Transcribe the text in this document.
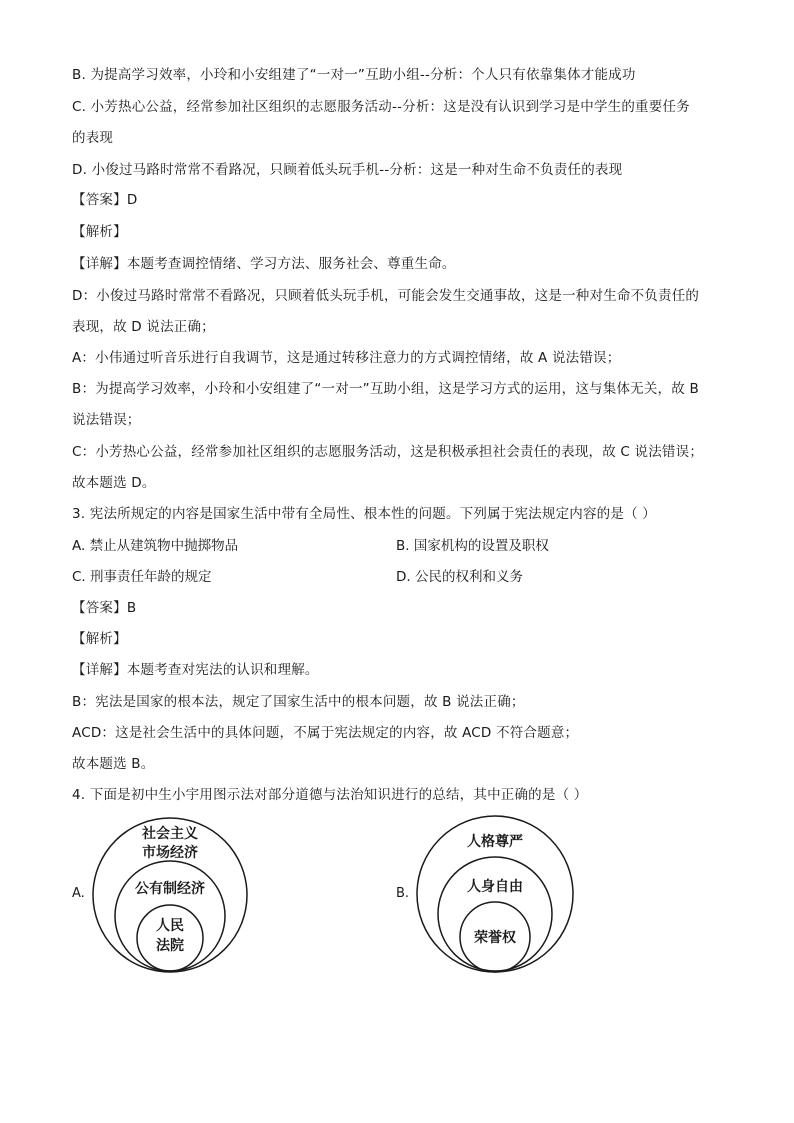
B. 为提高学习效率，小玲和小安组建了“一对一”互助小组--分析：个人只有依靠集体才能成功
C. 小芳热心公益，经常参加社区组织的志愿服务活动--分析：这是没有认识到学习是中学生的重要任务
的表现
D. 小俊过马路时常常不看路况，只顾着低头玩手机--分析：这是一种对生命不负责任的表现
【答案】D
【解析】
【详解】本题考查调控情绪、学习方法、服务社会、尊重生命。
D：小俊过马路时常常不看路况，只顾着低头玩手机，可能会发生交通事故，这是一种对生命不负责任的
表现，故 D 说法正确；
A：小伟通过听音乐进行自我调节，这是通过转移注意力的方式调控情绪，故 A 说法错误；
B：为提高学习效率，小玲和小安组建了“一对一”互助小组，这是学习方式的运用，这与集体无关，故 B
说法错误；
C：小芳热心公益，经常参加社区组织的志愿服务活动，这是积极承担社会责任的表现，故 C 说法错误；
故本题选 D。
3. 宪法所规定的内容是国家生活中带有全局性、根本性的问题。下列属于宪法规定内容的是（ ）
A. 禁止从建筑物中抛掷物品	B. 国家机构的设置及职权
C. 刑事责任年龄的规定	D. 公民的权利和义务
【答案】B
【解析】
【详解】本题考查对宪法的认识和理解。
B：宪法是国家的根本法，规定了国家生活中的根本问题，故 B 说法正确；
ACD：这是社会生活中的具体问题，不属于宪法规定的内容，故 ACD 不符合题意；
故本题选 B。
4. 下面是初中生小宇用图示法对部分道德与法治知识进行的总结，其中正确的是（ ）
A.
社会主义
市场经济
公有制经济
人民
法院
B.
人格尊严
人身自由
荣誉权
